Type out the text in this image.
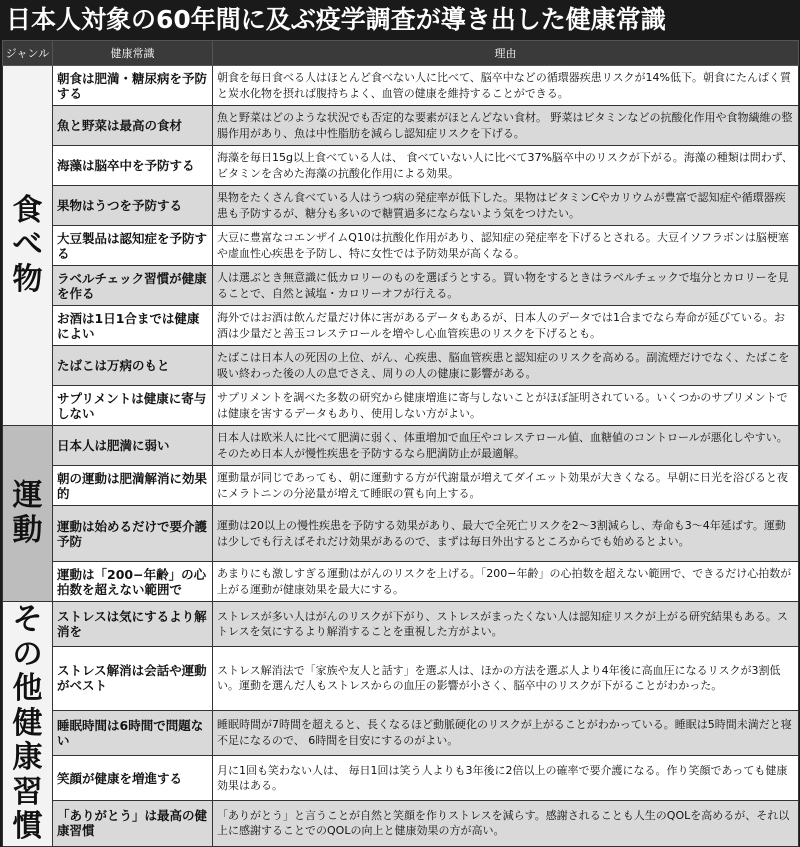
日本人対象の60年間に及ぶ疫学調査が導き出した健康常識
ジャンル	健康常識	理由
食べ物	朝食は肥満・糖尿病を予防する	朝食を毎日食べる人はほとんど食べない人に比べて、脳卒中などの循環器疾患リスクが14%低下。朝食にたんぱく質と炭水化物を摂れば腹持ちよく、血管の健康を維持することができる。
	魚と野菜は最高の食材	魚と野菜はどのような状況でも否定的な要素がほとんどない食材。 野菜はビタミンなどの抗酸化作用や食物繊維の整腸作用があり、魚は中性脂肪を減らし認知症リスクを下げる。
	海藻は脳卒中を予防する	海藻を毎日15g以上食べている人は、 食べていない人に比べて37%脳卒中のリスクが下がる。海藻の種類は問わず、ビタミンを含めた海藻の抗酸化作用による効果。
	果物はうつを予防する	果物をたくさん食べている人はうつ病の発症率が低下した。果物はビタミンCやカリウムが豊富で認知症や循環器疾患も予防するが、糖分も多いので糖質過多にならないよう気をつけたい。
	大豆製品は認知症を予防する	大豆に豊富なコエンザイムQ10は抗酸化作用があり、認知症の発症率を下げるとされる。大豆イソフラボンは脳梗塞や虚血性心疾患を予防し、特に女性では予防効果が高くなる。
	ラベルチェック習慣が健康を作る	人は選ぶとき無意識に低カロリーのものを選ぼうとする。買い物をするときはラベルチェックで塩分とカロリーを見ることで、自然と減塩・カロリーオフが行える。
	お酒は1日1合までは健康によい	海外ではお酒は飲んだ量だけ体に害があるデータもあるが、日本人のデータでは1合までなら寿命が延びている。お酒は少量だと善玉コレステロールを増やし心血管疾患のリスクを下げるとも。
	たばこは万病のもと	たばこは日本人の死因の上位、がん、心疾患、脳血管疾患と認知症のリスクを高める。副流煙だけでなく、たばこを吸い終わった後の人の息でさえ、周りの人の健康に影響がある。
	サプリメントは健康に寄与しない	サプリメントを調べた多数の研究から健康増進に寄与しないことがほぼ証明されている。いくつかのサプリメントでは健康を害するデータもあり、使用しない方がよい。
運動	日本人は肥満に弱い	日本人は欧米人に比べて肥満に弱く、体重増加で血圧やコレステロール値、血糖値のコントロールが悪化しやすい。そのため日本人が慢性疾患を予防するなら肥満防止が最適解。
	朝の運動は肥満解消に効果的	運動量が同じであっても、朝に運動する方が代謝量が増えてダイエット効果が大きくなる。早朝に日光を浴びると夜にメラトニンの分泌量が増えて睡眠の質も向上する。
	運動は始めるだけで要介護予防	運動は20以上の慢性疾患を予防する効果があり、最大で全死亡リスクを2〜3割減らし、寿命も3〜4年延ばす。運動は少しでも行えばそれだけ効果があるので、まずは毎日外出するところからでも始めるとよい。
	運動は「200−年齢」の心拍数を超えない範囲で	あまりにも激しすぎる運動はがんのリスクを上げる。「200−年齢」の心拍数を超えない範囲で、できるだけ心拍数が上がる運動が健康効果を最大にする。
その他健康習慣	ストレスは気にするより解消を	ストレスが多い人はがんのリスクが下がり、ストレスがまったくない人は認知症リスクが上がる研究結果もある。ストレスを気にするより解消することを重視した方がよい。
	ストレス解消は会話や運動がベスト	ストレス解消法で「家族や友人と話す」を選ぶ人は、ほかの方法を選ぶ人より4年後に高血圧になるリスクが3割低い。運動を選んだ人もストレスからの血圧の影響が小さく、脳卒中のリスクが下がることがわかった。
	睡眠時間は6時間で問題ない	睡眠時間が7時間を超えると、長くなるほど動脈硬化のリスクが上がることがわかっている。睡眠は5時間未満だと寝不足になるので、 6時間を目安にするのがよい。
	笑顔が健康を増進する	月に1回も笑わない人は、 毎日1回は笑う人よりも3年後に2倍以上の確率で要介護になる。作り笑顔であっても健康効果はある。
	「ありがとう」は最高の健康習慣	「ありがとう」と言うことが自然と笑顔を作りストレスを減らす。感謝されることも人生のQOLを高めるが、それ以上に感謝することでのQOLの向上と健康効果の方が高い。
